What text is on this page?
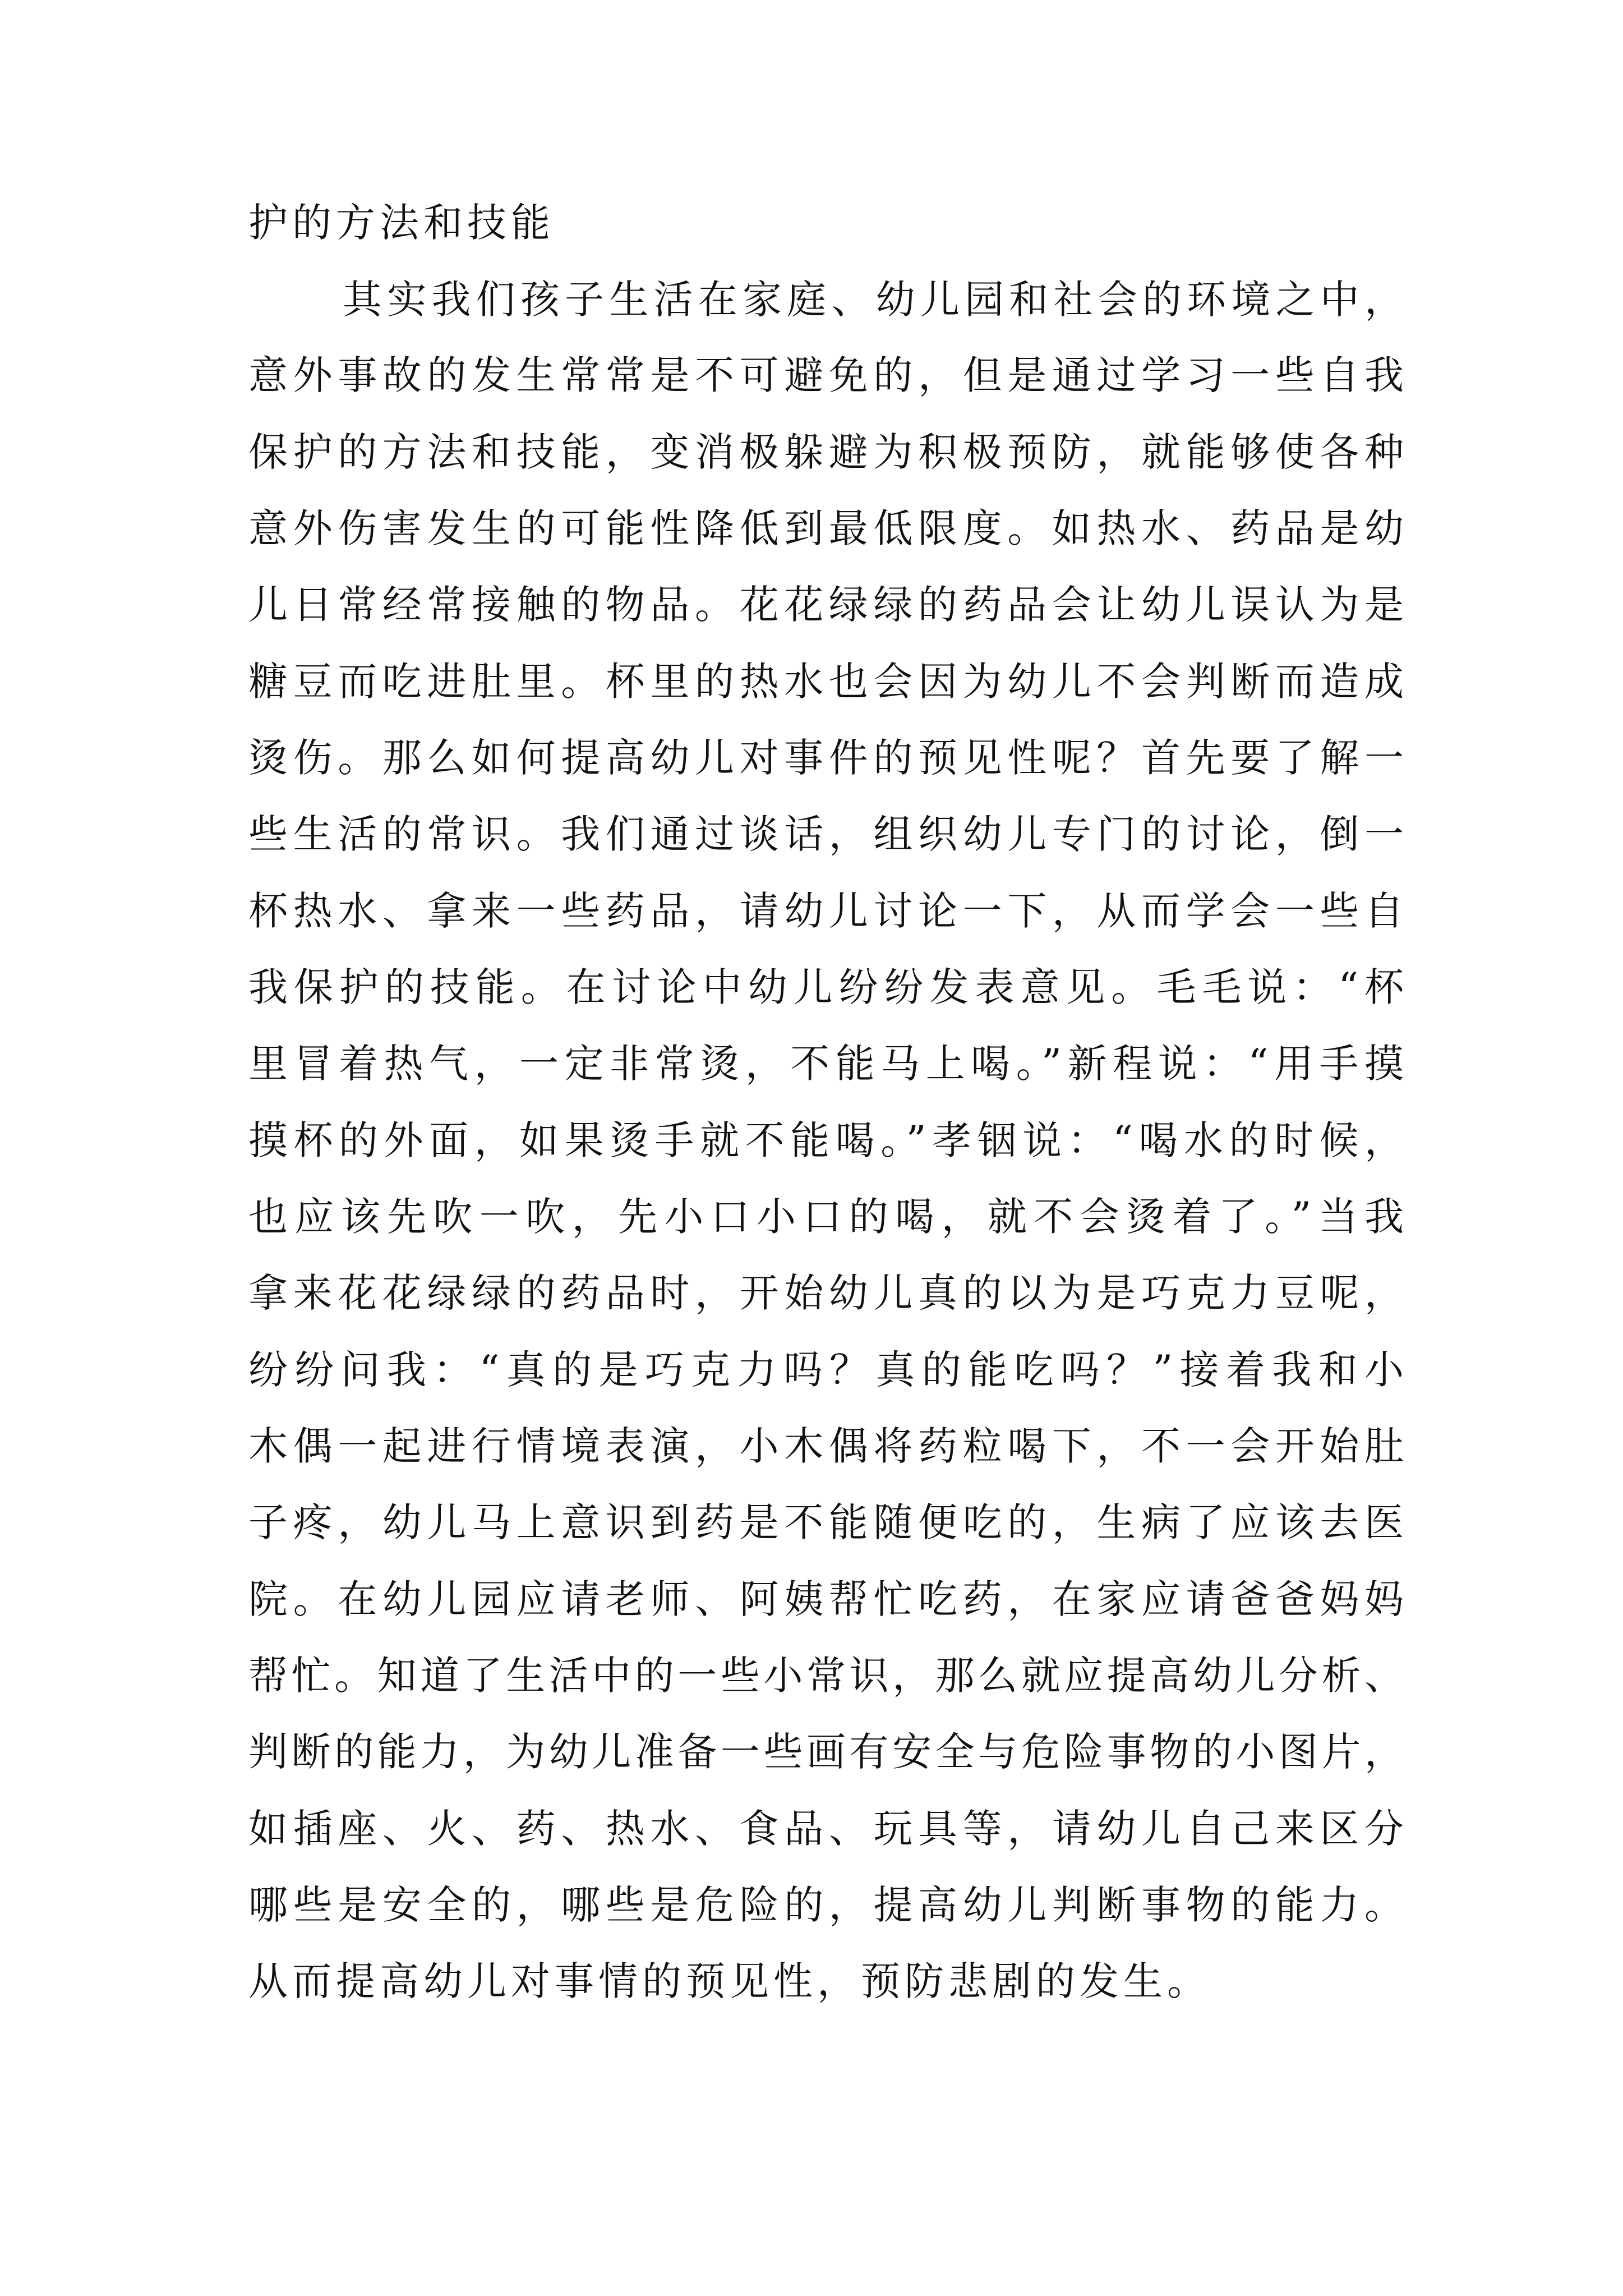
护的方法和技能
其实我们孩子生活在家庭、幼儿园和社会的环境之中，
意外事故的发生常常是不可避免的，但是通过学习一些自我
保护的方法和技能，变消极躲避为积极预防，就能够使各种
意外伤害发生的可能性降低到最低限度。如热水、药品是幼
儿日常经常接触的物品。花花绿绿的药品会让幼儿误认为是
糖豆而吃进肚里。杯里的热水也会因为幼儿不会判断而造成
烫伤。那么如何提高幼儿对事件的预见性呢？首先要了解一
些生活的常识。我们通过谈话，组织幼儿专门的讨论，倒一
杯热水、拿来一些药品，请幼儿讨论一下，从而学会一些自
我保护的技能。在讨论中幼儿纷纷发表意见。毛毛说：“杯
里冒着热气，一定非常烫，不能马上喝。”新程说：“用手摸
摸杯的外面，如果烫手就不能喝。”孝铟说：“喝水的时候，
也应该先吹一吹，先小口小口的喝，就不会烫着了。”当我
拿来花花绿绿的药品时，开始幼儿真的以为是巧克力豆呢，
纷纷问我：“真的是巧克力吗？真的能吃吗？”接着我和小
木偶一起进行情境表演，小木偶将药粒喝下，不一会开始肚
子疼，幼儿马上意识到药是不能随便吃的，生病了应该去医
院。在幼儿园应请老师、阿姨帮忙吃药，在家应请爸爸妈妈
帮忙。知道了生活中的一些小常识，那么就应提高幼儿分析、
判断的能力，为幼儿准备一些画有安全与危险事物的小图片，
如插座、火、药、热水、食品、玩具等，请幼儿自己来区分
哪些是安全的，哪些是危险的，提高幼儿判断事物的能力。
从而提高幼儿对事情的预见性，预防悲剧的发生。
